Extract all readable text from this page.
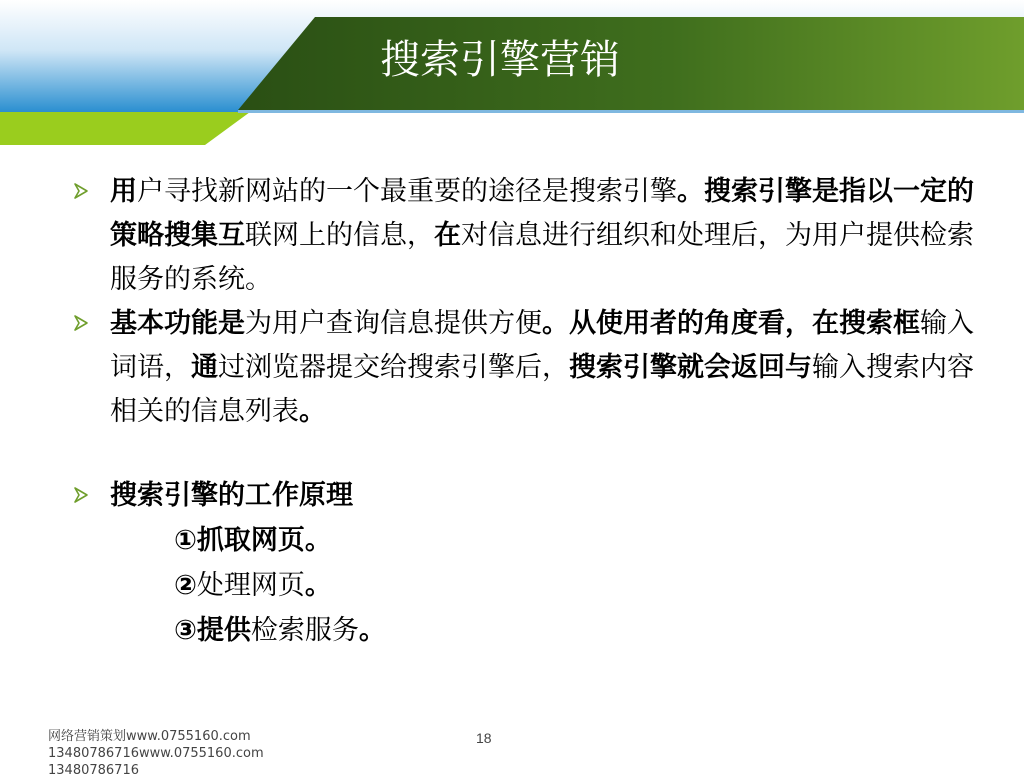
搜索引擎营销
用户寻找新网站的一个最重要的途径是搜索引擎。搜索引擎是指以一定的策略搜集互联网上的信息，在对信息进行组织和处理后，为用户提供检索服务的系统。
基本功能是为用户查询信息提供方便。从使用者的角度看，在搜索框输入词语，通过浏览器提交给搜索引擎后，搜索引擎就会返回与输入搜索内容相关的信息列表。
搜索引擎的工作原理
①抓取网页。
②处理网页。
③提供检索服务。
网络营销策划www.0755160.com
13480786716www.0755160.com
13480786716
18
